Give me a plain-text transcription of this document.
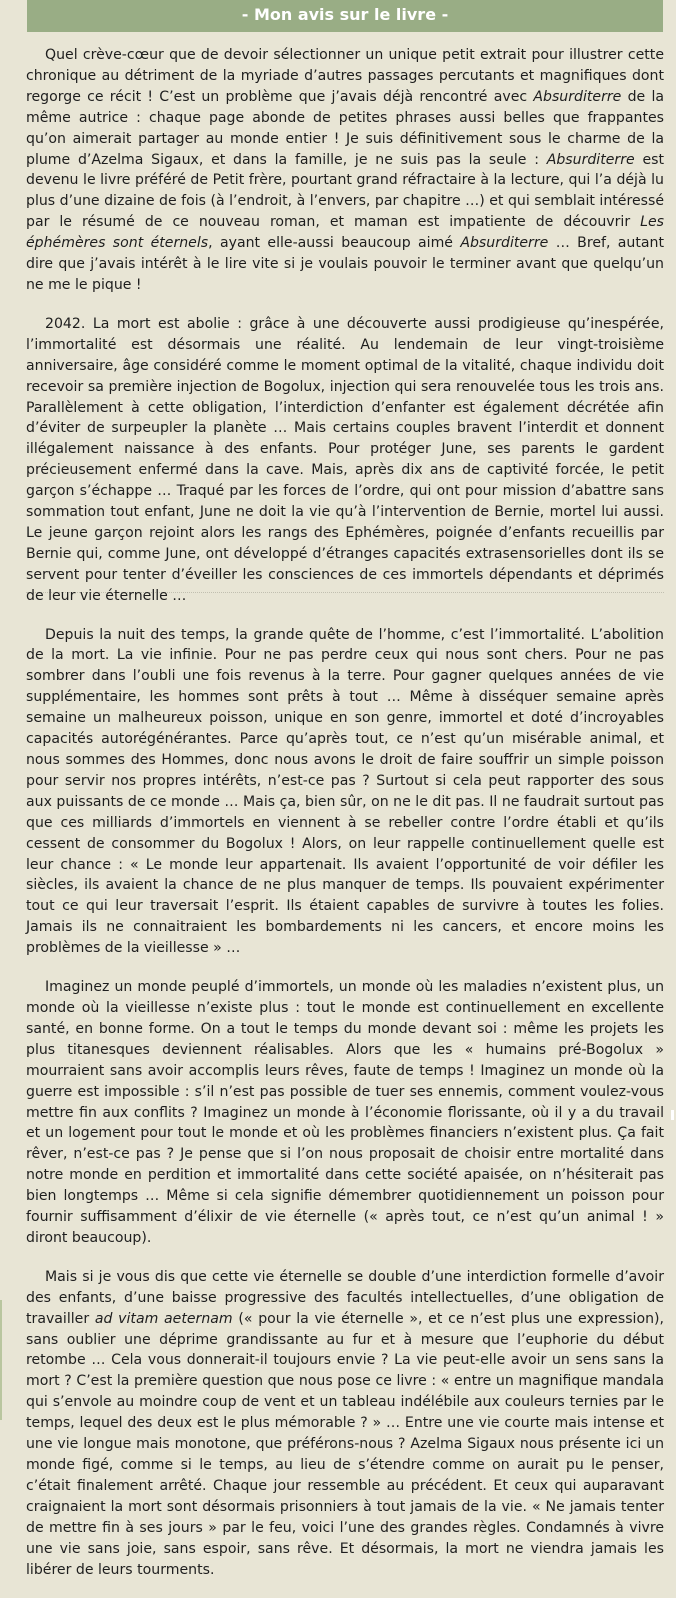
- Mon avis sur le livre -

Quel crève-cœur que de devoir sélectionner un unique petit extrait pour illustrer cette chronique au détriment de la myriade d’autres passages percutants et magnifiques dont regorge ce récit ! C’est un problème que j’avais déjà rencontré avec Absurditerre de la même autrice : chaque page abonde de petites phrases aussi belles que frappantes qu’on aimerait partager au monde entier ! Je suis définitivement sous le charme de la plume d’Azelma Sigaux, et dans la famille, je ne suis pas la seule : Absurditerre est devenu le livre préféré de Petit frère, pourtant grand réfractaire à la lecture, qui l’a déjà lu plus d’une dizaine de fois (à l’endroit, à l’envers, par chapitre …) et qui semblait intéressé par le résumé de ce nouveau roman, et maman est impatiente de découvrir Les éphémères sont éternels, ayant elle-aussi beaucoup aimé Absurditerre … Bref, autant dire que j’avais intérêt à le lire vite si je voulais pouvoir le terminer avant que quelqu’un ne me le pique !

2042. La mort est abolie : grâce à une découverte aussi prodigieuse qu’inespérée, l’immortalité est désormais une réalité. Au lendemain de leur vingt-troisième anniversaire, âge considéré comme le moment optimal de la vitalité, chaque individu doit recevoir sa première injection de Bogolux, injection qui sera renouvelée tous les trois ans. Parallèlement à cette obligation, l’interdiction d’enfanter est également décrétée afin d’éviter de surpeupler la planète … Mais certains couples bravent l’interdit et donnent illégalement naissance à des enfants. Pour protéger June, ses parents le gardent précieusement enfermé dans la cave. Mais, après dix ans de captivité forcée, le petit garçon s’échappe … Traqué par les forces de l’ordre, qui ont pour mission d’abattre sans sommation tout enfant, June ne doit la vie qu’à l’intervention de Bernie, mortel lui aussi. Le jeune garçon rejoint alors les rangs des Ephémères, poignée d’enfants recueillis par Bernie qui, comme June, ont développé d’étranges capacités extrasensorielles dont ils se servent pour tenter d’éveiller les consciences de ces immortels dépendants et déprimés de leur vie éternelle …

Depuis la nuit des temps, la grande quête de l’homme, c’est l’immortalité. L’abolition de la mort. La vie infinie. Pour ne pas perdre ceux qui nous sont chers. Pour ne pas sombrer dans l’oubli une fois revenus à la terre. Pour gagner quelques années de vie supplémentaire, les hommes sont prêts à tout … Même à disséquer semaine après semaine un malheureux poisson, unique en son genre, immortel et doté d’incroyables capacités autorégénérantes. Parce qu’après tout, ce n’est qu’un misérable animal, et nous sommes des Hommes, donc nous avons le droit de faire souffrir un simple poisson pour servir nos propres intérêts, n’est-ce pas ? Surtout si cela peut rapporter des sous aux puissants de ce monde … Mais ça, bien sûr, on ne le dit pas. Il ne faudrait surtout pas que ces milliards d’immortels en viennent à se rebeller contre l’ordre établi et qu’ils cessent de consommer du Bogolux ! Alors, on leur rappelle continuellement quelle est leur chance : « Le monde leur appartenait. Ils avaient l’opportunité de voir défiler les siècles, ils avaient la chance de ne plus manquer de temps. Ils pouvaient expérimenter tout ce qui leur traversait l’esprit. Ils étaient capables de survivre à toutes les folies. Jamais ils ne connaitraient les bombardements ni les cancers, et encore moins les problèmes de la vieillesse » …

Imaginez un monde peuplé d’immortels, un monde où les maladies n’existent plus, un monde où la vieillesse n’existe plus : tout le monde est continuellement en excellente santé, en bonne forme. On a tout le temps du monde devant soi : même les projets les plus titanesques deviennent réalisables. Alors que les « humains pré-Bogolux » mourraient sans avoir accomplis leurs rêves, faute de temps ! Imaginez un monde où la guerre est impossible : s’il n’est pas possible de tuer ses ennemis, comment voulez-vous mettre fin aux conflits ? Imaginez un monde à l’économie florissante, où il y a du travail et un logement pour tout le monde et où les problèmes financiers n’existent plus. Ça fait rêver, n’est-ce pas ? Je pense que si l’on nous proposait de choisir entre mortalité dans notre monde en perdition et immortalité dans cette société apaisée, on n’hésiterait pas bien longtemps … Même si cela signifie démembrer quotidiennement un poisson pour fournir suffisamment d’élixir de vie éternelle (« après tout, ce n’est qu’un animal ! » diront beaucoup).

Mais si je vous dis que cette vie éternelle se double d’une interdiction formelle d’avoir des enfants, d’une baisse progressive des facultés intellectuelles, d’une obligation de travailler ad vitam aeternam (« pour la vie éternelle », et ce n’est plus une expression), sans oublier une déprime grandissante au fur et à mesure que l’euphorie du début retombe … Cela vous donnerait-il toujours envie ? La vie peut-elle avoir un sens sans la mort ? C’est la première question que nous pose ce livre : « entre un magnifique mandala qui s’envole au moindre coup de vent et un tableau indélébile aux couleurs ternies par le temps, lequel des deux est le plus mémorable ? » … Entre une vie courte mais intense et une vie longue mais monotone, que préférons-nous ? Azelma Sigaux nous présente ici un monde figé, comme si le temps, au lieu de s’étendre comme on aurait pu le penser, c’était finalement arrêté. Chaque jour ressemble au précédent. Et ceux qui auparavant craignaient la mort sont désormais prisonniers à tout jamais de la vie. « Ne jamais tenter de mettre fin à ses jours » par le feu, voici l’une des grandes règles. Condamnés à vivre une vie sans joie, sans espoir, sans rêve. Et désormais, la mort ne viendra jamais les libérer de leurs tourments.
